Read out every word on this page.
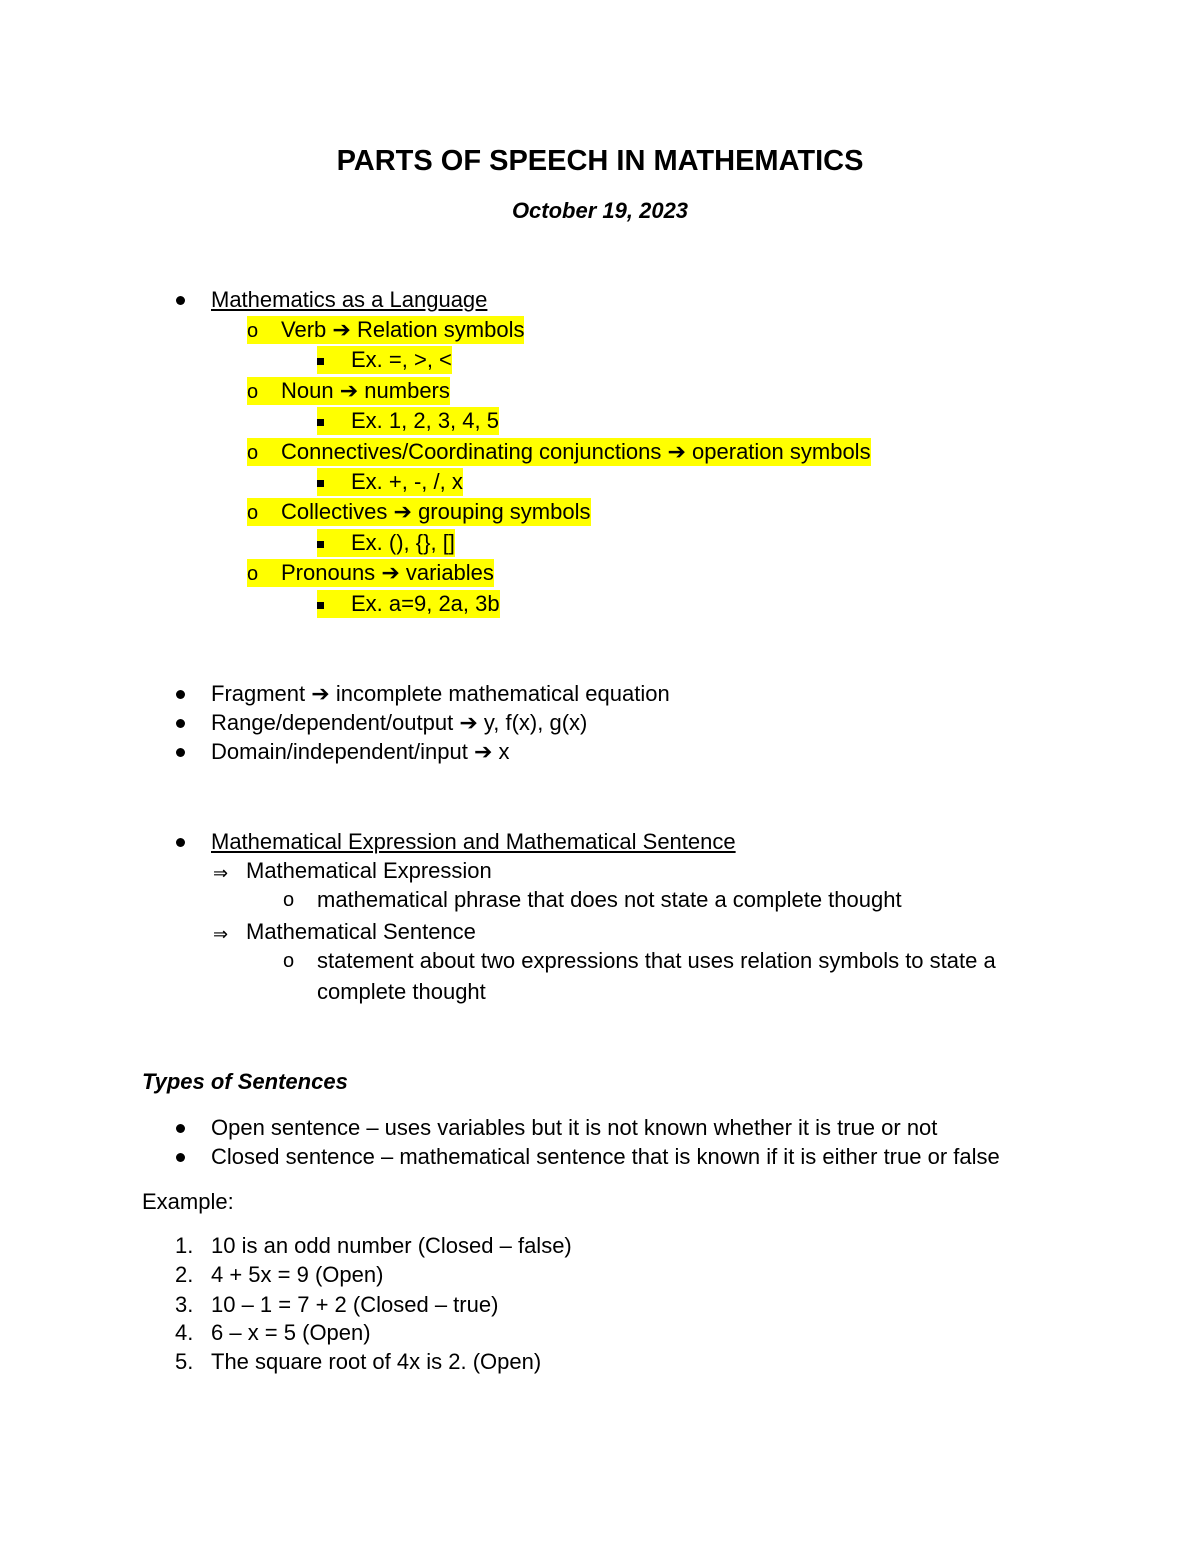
PARTS OF SPEECH IN MATHEMATICS
October 19, 2023
Mathematics as a Language
o Verb ➔ Relation symbols
Ex. =, >, <
o Noun ➔ numbers
Ex. 1, 2, 3, 4, 5
o Connectives/Coordinating conjunctions ➔ operation symbols
Ex. +, -, /, x
o Collectives ➔ grouping symbols
Ex. (), {}, []
o Pronouns ➔ variables
Ex. a=9, 2a, 3b
Fragment ➔ incomplete mathematical equation
Range/dependent/output ➔ y, f(x), g(x)
Domain/independent/input ➔ x
Mathematical Expression and Mathematical Sentence
⇒ Mathematical Expression
o mathematical phrase that does not state a complete thought
⇒ Mathematical Sentence
o statement about two expressions that uses relation symbols to state a
complete thought
Types of Sentences
Open sentence – uses variables but it is not known whether it is true or not
Closed sentence – mathematical sentence that is known if it is either true or false
Example:
1. 10 is an odd number (Closed – false)
2. 4 + 5x = 9 (Open)
3. 10 – 1 = 7 + 2 (Closed – true)
4. 6 – x = 5 (Open)
5. The square root of 4x is 2. (Open)
